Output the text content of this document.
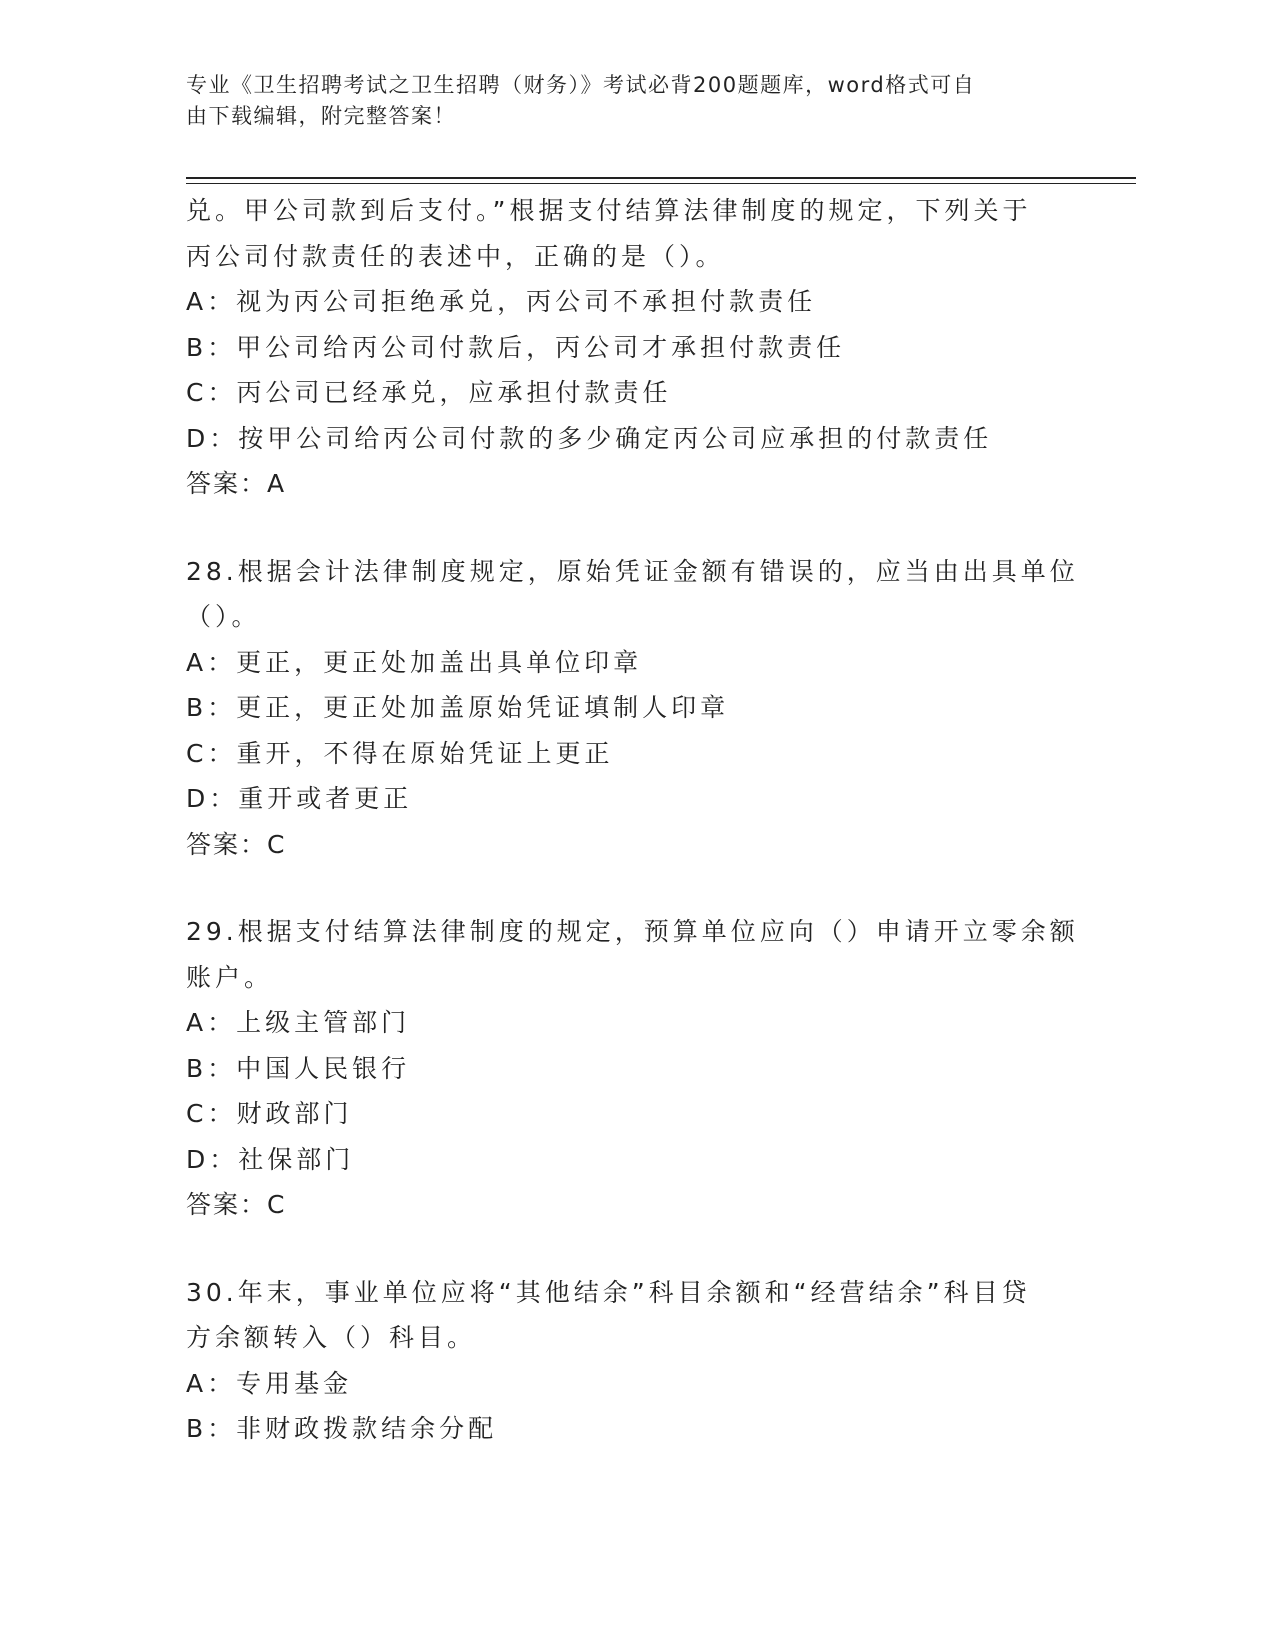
专业《卫生招聘考试之卫生招聘（财务）》考试必背200题题库，word格式可自
由下载编辑，附完整答案！
兑。甲公司款到后支付。”根据支付结算法律制度的规定，下列关于
丙公司付款责任的表述中，正确的是（）。
A：视为丙公司拒绝承兑，丙公司不承担付款责任
B：甲公司给丙公司付款后，丙公司才承担付款责任
C：丙公司已经承兑，应承担付款责任
D：按甲公司给丙公司付款的多少确定丙公司应承担的付款责任
答案：A
28.根据会计法律制度规定，原始凭证金额有错误的，应当由出具单位
（）。
A：更正，更正处加盖出具单位印章
B：更正，更正处加盖原始凭证填制人印章
C：重开，不得在原始凭证上更正
D：重开或者更正
答案：C
29.根据支付结算法律制度的规定，预算单位应向（）申请开立零余额
账户。
A：上级主管部门
B：中国人民银行
C：财政部门
D：社保部门
答案：C
30.年末，事业单位应将“其他结余”科目余额和“经营结余”科目贷
方余额转入（）科目。
A：专用基金
B：非财政拨款结余分配
